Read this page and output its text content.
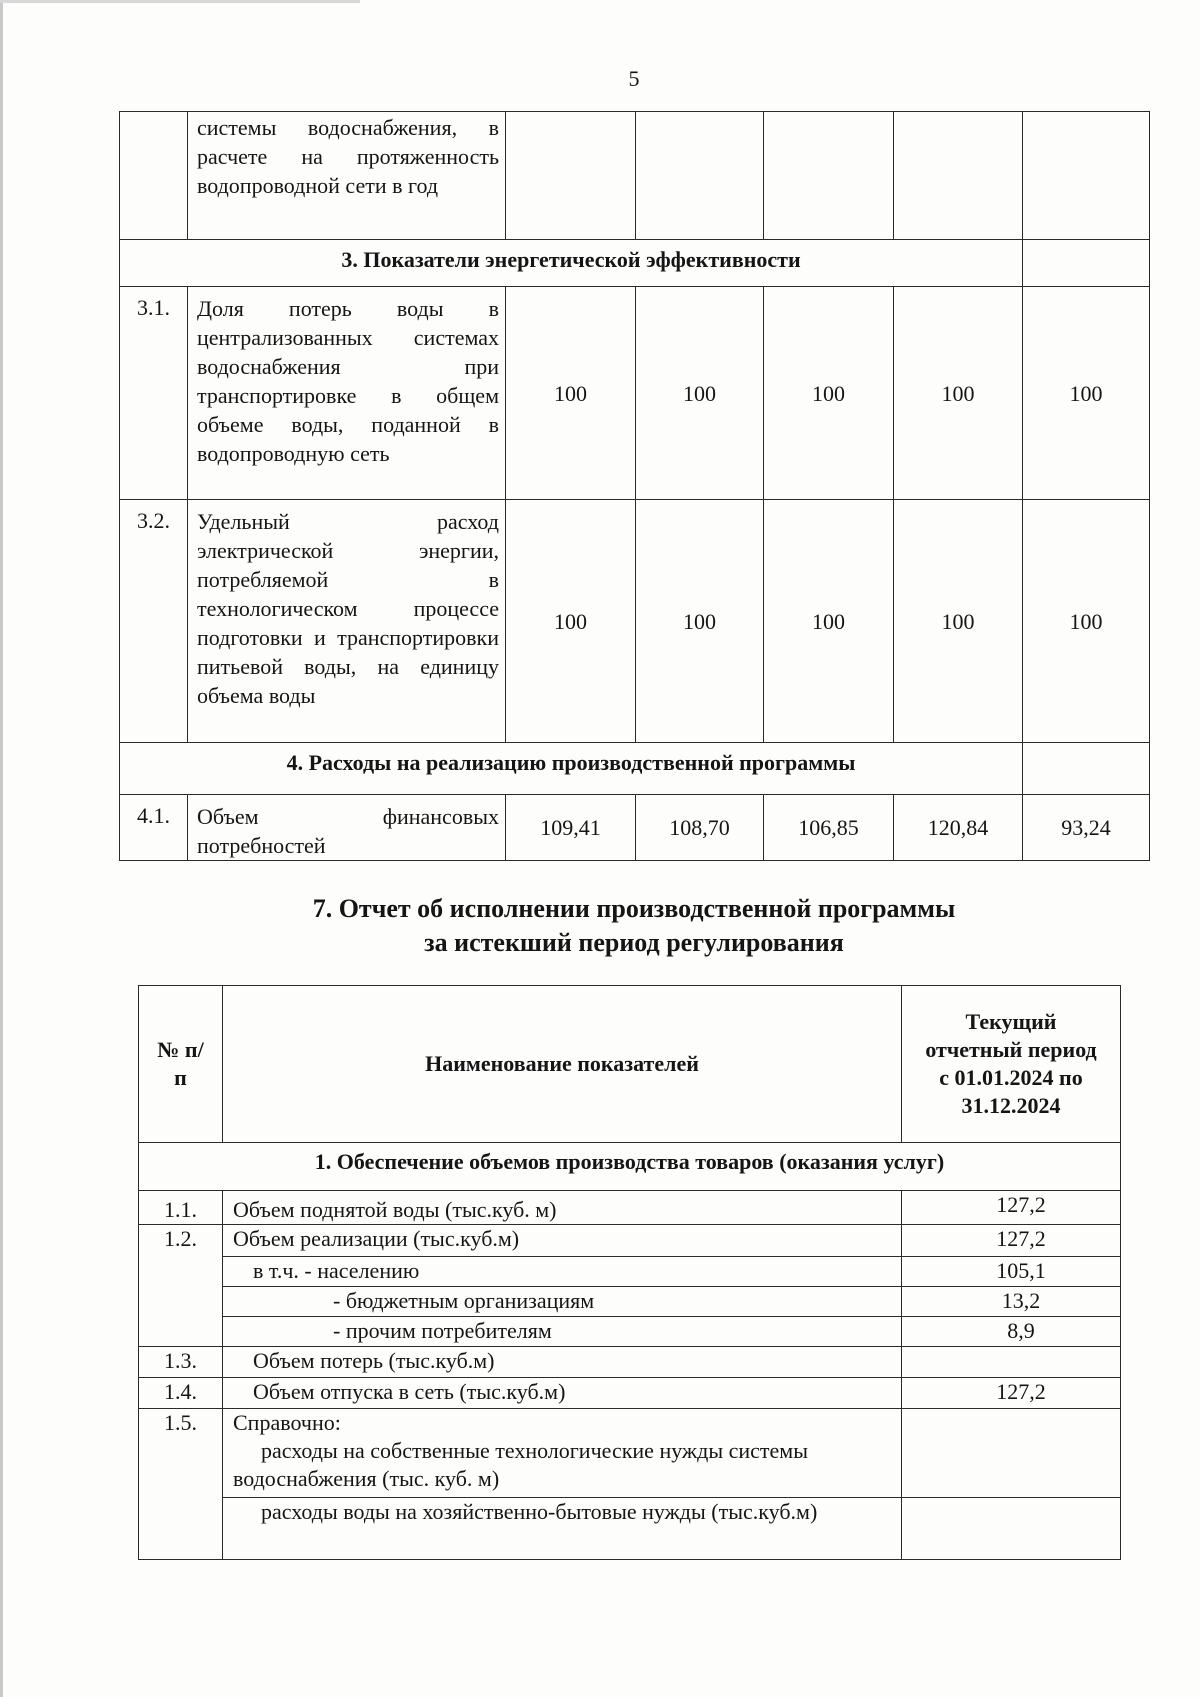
5
	системы водоснабжения, в расчете на протяженность водопроводной сети в год					
3. Показатели энергетической эффективности						
3.1.	Доля потерь воды в централизованных системах водоснабжения при транспортировке в общем объеме воды, поданной в водопроводную сеть	100	100	100	100	100
3.2.	Удельный расход электрической энергии, потребляемой в технологическом процессе подготовки и транспортировки питьевой воды, на единицу объема воды	100	100	100	100	100
4. Расходы на реализацию производственной программы						
4.1.	Объем финансовых потребностей	109,41	108,70	106,85	120,84	93,24
7. Отчет об исполнении производственной программы
за истекший период регулирования
№ п/п	Наименование показателей	Текущий отчетный период с 01.01.2024 по 31.12.2024
1. Обеспечение объемов производства товаров (оказания услуг)		
1.1.	Объем поднятой воды (тыс.куб. м)	127,2
1.2.	Объем реализации (тыс.куб.м)	127,2
	в т.ч. - населению	105,1
	- бюджетным организациям	13,2
	- прочим потребителям	8,9
1.3.	Объем потерь (тыс.куб.м)	
1.4.	Объем отпуска в сеть (тыс.куб.м)	127,2
1.5.	Справочно:
расходы на собственные технологические нужды системы водоснабжения (тыс. куб. м)	

	расходы воды на хозяйственно-бытовые нужды (тыс.куб.м)	
